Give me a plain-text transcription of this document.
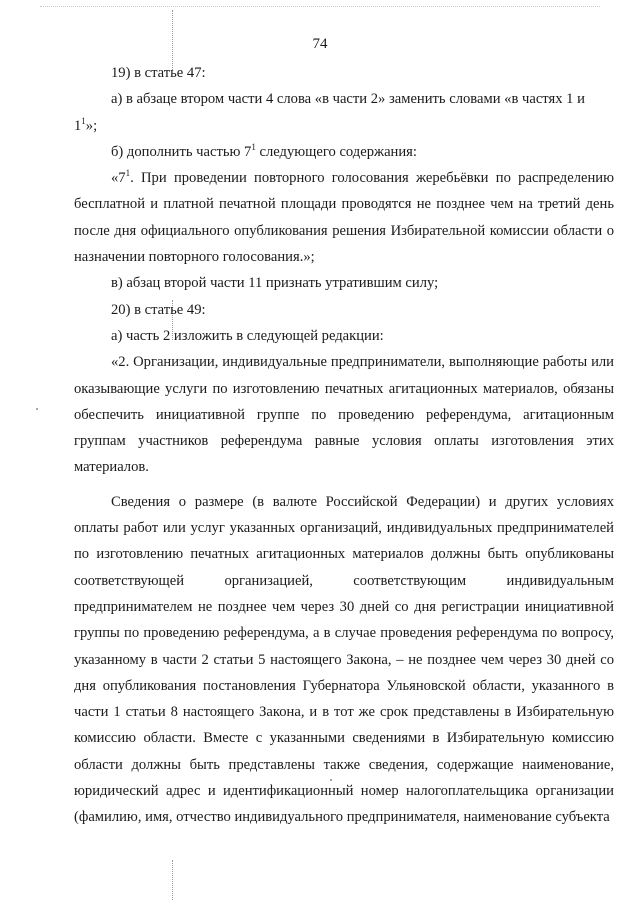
74

19) в статье 47:

а) в абзаце втором части 4 слова «в части 2» заменить словами «в частях 1 и

$1^1$»;

б) дополнить частью $7^1$ следующего содержания:

«$7^1$. При проведении повторного голосования жеребьёвки по распределению бесплатной и платной печатной площади проводятся не позднее чем на третий день после дня официального опубликования решения Избирательной комиссии области о назначении повторного голосования.»;

в) абзац второй части 11 признать утратившим силу;

20) в статье 49:

а) часть 2 изложить в следующей редакции:

«2. Организации, индивидуальные предприниматели, выполняющие работы или оказывающие услуги по изготовлению печатных агитационных материалов, обязаны обеспечить инициативной группе по проведению референдума, агитационным группам участников референдума равные условия оплаты изготовления этих материалов.

Сведения о размере (в валюте Российской Федерации) и других условиях оплаты работ или услуг указанных организаций, индивидуальных предпринимателей по изготовлению печатных агитационных материалов должны быть опубликованы соответствующей организацией, соответствующим индивидуальным предпринимателем не позднее чем через 30 дней со дня регистрации инициативной группы по проведению референдума, а в случае проведения референдума по вопросу, указанному в части 2 статьи 5 настоящего Закона, – не позднее чем через 30 дней со дня опубликования постановления Губернатора Ульяновской области, указанного в части 1 статьи 8 настоящего Закона, и в тот же срок представлены в Избирательную комиссию области. Вместе с указанными сведениями в Избирательную комиссию области должны быть представлены также сведения, содержащие наименование, юридический адрес и идентификационный номер налогоплательщика организации (фамилию, имя, отчество индивидуального предпринимателя, наименование субъекта
